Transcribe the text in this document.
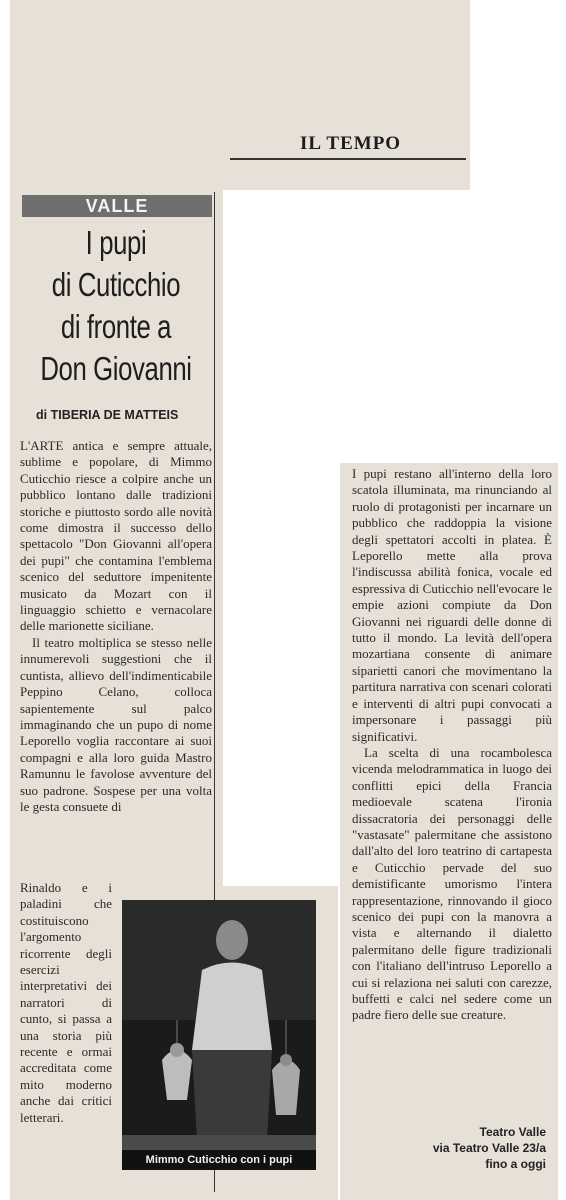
IL TEMPO
VALLE
I pupi
di Cuticchio
di fronte a
Don Giovanni
di TIBERIA DE MATTEIS

L'ARTE antica e sempre attuale, sublime e popolare, di Mimmo Cuticchio riesce a colpire anche un pubblico lontano dalle tradizioni storiche e piuttosto sordo alle novità come dimostra il successo dello spettacolo "Don Giovanni all'opera dei pupi" che contamina l'emblema scenico del seduttore impenitente musicato da Mozart con il linguaggio schietto e vernacolare delle marionette siciliane.

Il teatro moltiplica se stesso nelle innumerevoli suggestioni che il cuntista, allievo dell'indimenticabile Peppino Celano, colloca sapientemente sul palco immaginando che un pupo di nome Leporello voglia raccontare ai suoi compagni e alla loro guida Mastro Ramunnu le favolose avventure del suo padrone. Sospese per una volta le gesta consuete di

Rinaldo e i paladini che costituiscono l'argomento ricorrente degli esercizi interpretativi dei narratori di cunto, si passa a una storia più recente e ormai accreditata come mito moderno anche dai critici letterari.

Mimmo Cuticchio con i pupi

I pupi restano all'interno della loro scatola illuminata, ma rinunciando al ruolo di protagonisti per incarnare un pubblico che raddoppia la visione degli spettatori accolti in platea. È Leporello mette alla prova l'indiscussa abilità fonica, vocale ed espressiva di Cuticchio nell'evocare le empie azioni compiute da Don Giovanni nei riguardi delle donne di tutto il mondo. La levità dell'opera mozartiana consente di animare siparietti canori che movimentano la partitura narrativa con scenari colorati e interventi di altri pupi convocati a impersonare i passaggi più significativi.

La scelta di una rocambolesca vicenda melodrammatica in luogo dei conflitti epici della Francia medioevale scatena l'ironia dissacratoria dei personaggi delle "vastasate" palermitane che assistono dall'alto del loro teatrino di cartapesta e Cuticchio pervade del suo demistificante umorismo l'intera rappresentazione, rinnovando il gioco scenico dei pupi con la manovra a vista e alternando il dialetto palermitano delle figure tradizionali con l'italiano dell'intruso Leporello a cui si relaziona nei saluti con carezze, buffetti e calci nel sedere come un padre fiero delle sue creature.

Teatro Valle
via Teatro Valle 23/a
fino a oggi
